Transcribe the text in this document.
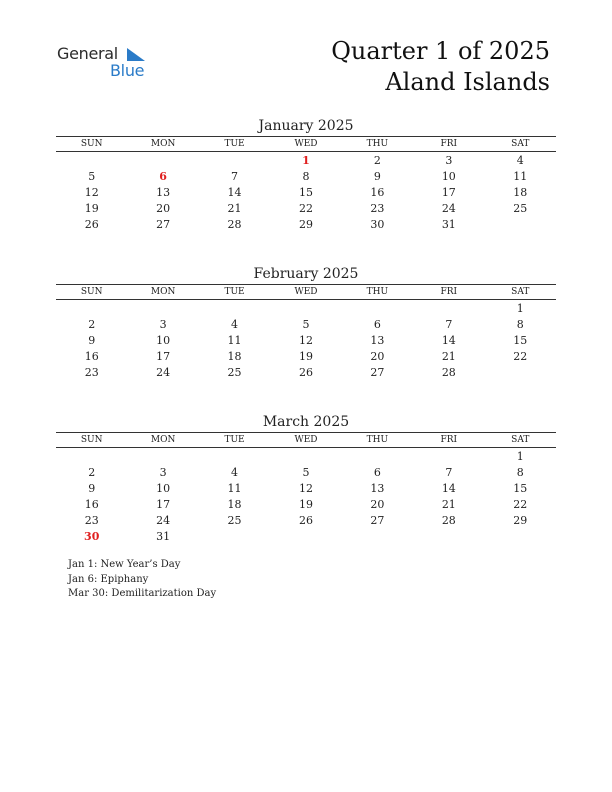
General
Blue
Quarter 1 of 2025
Aland Islands
January 2025
SUN	MON	TUE	WED	THU	FRI	SAT
			1	2	3	4
5	6	7	8	9	10	11
12	13	14	15	16	17	18
19	20	21	22	23	24	25
26	27	28	29	30	31	
February 2025
SUN	MON	TUE	WED	THU	FRI	SAT
						1
2	3	4	5	6	7	8
9	10	11	12	13	14	15
16	17	18	19	20	21	22
23	24	25	26	27	28	
March 2025
SUN	MON	TUE	WED	THU	FRI	SAT
						1
2	3	4	5	6	7	8
9	10	11	12	13	14	15
16	17	18	19	20	21	22
23	24	25	26	27	28	29
30	31					
Jan 1: New Year’s Day
Jan 6: Epiphany
Mar 30: Demilitarization Day
